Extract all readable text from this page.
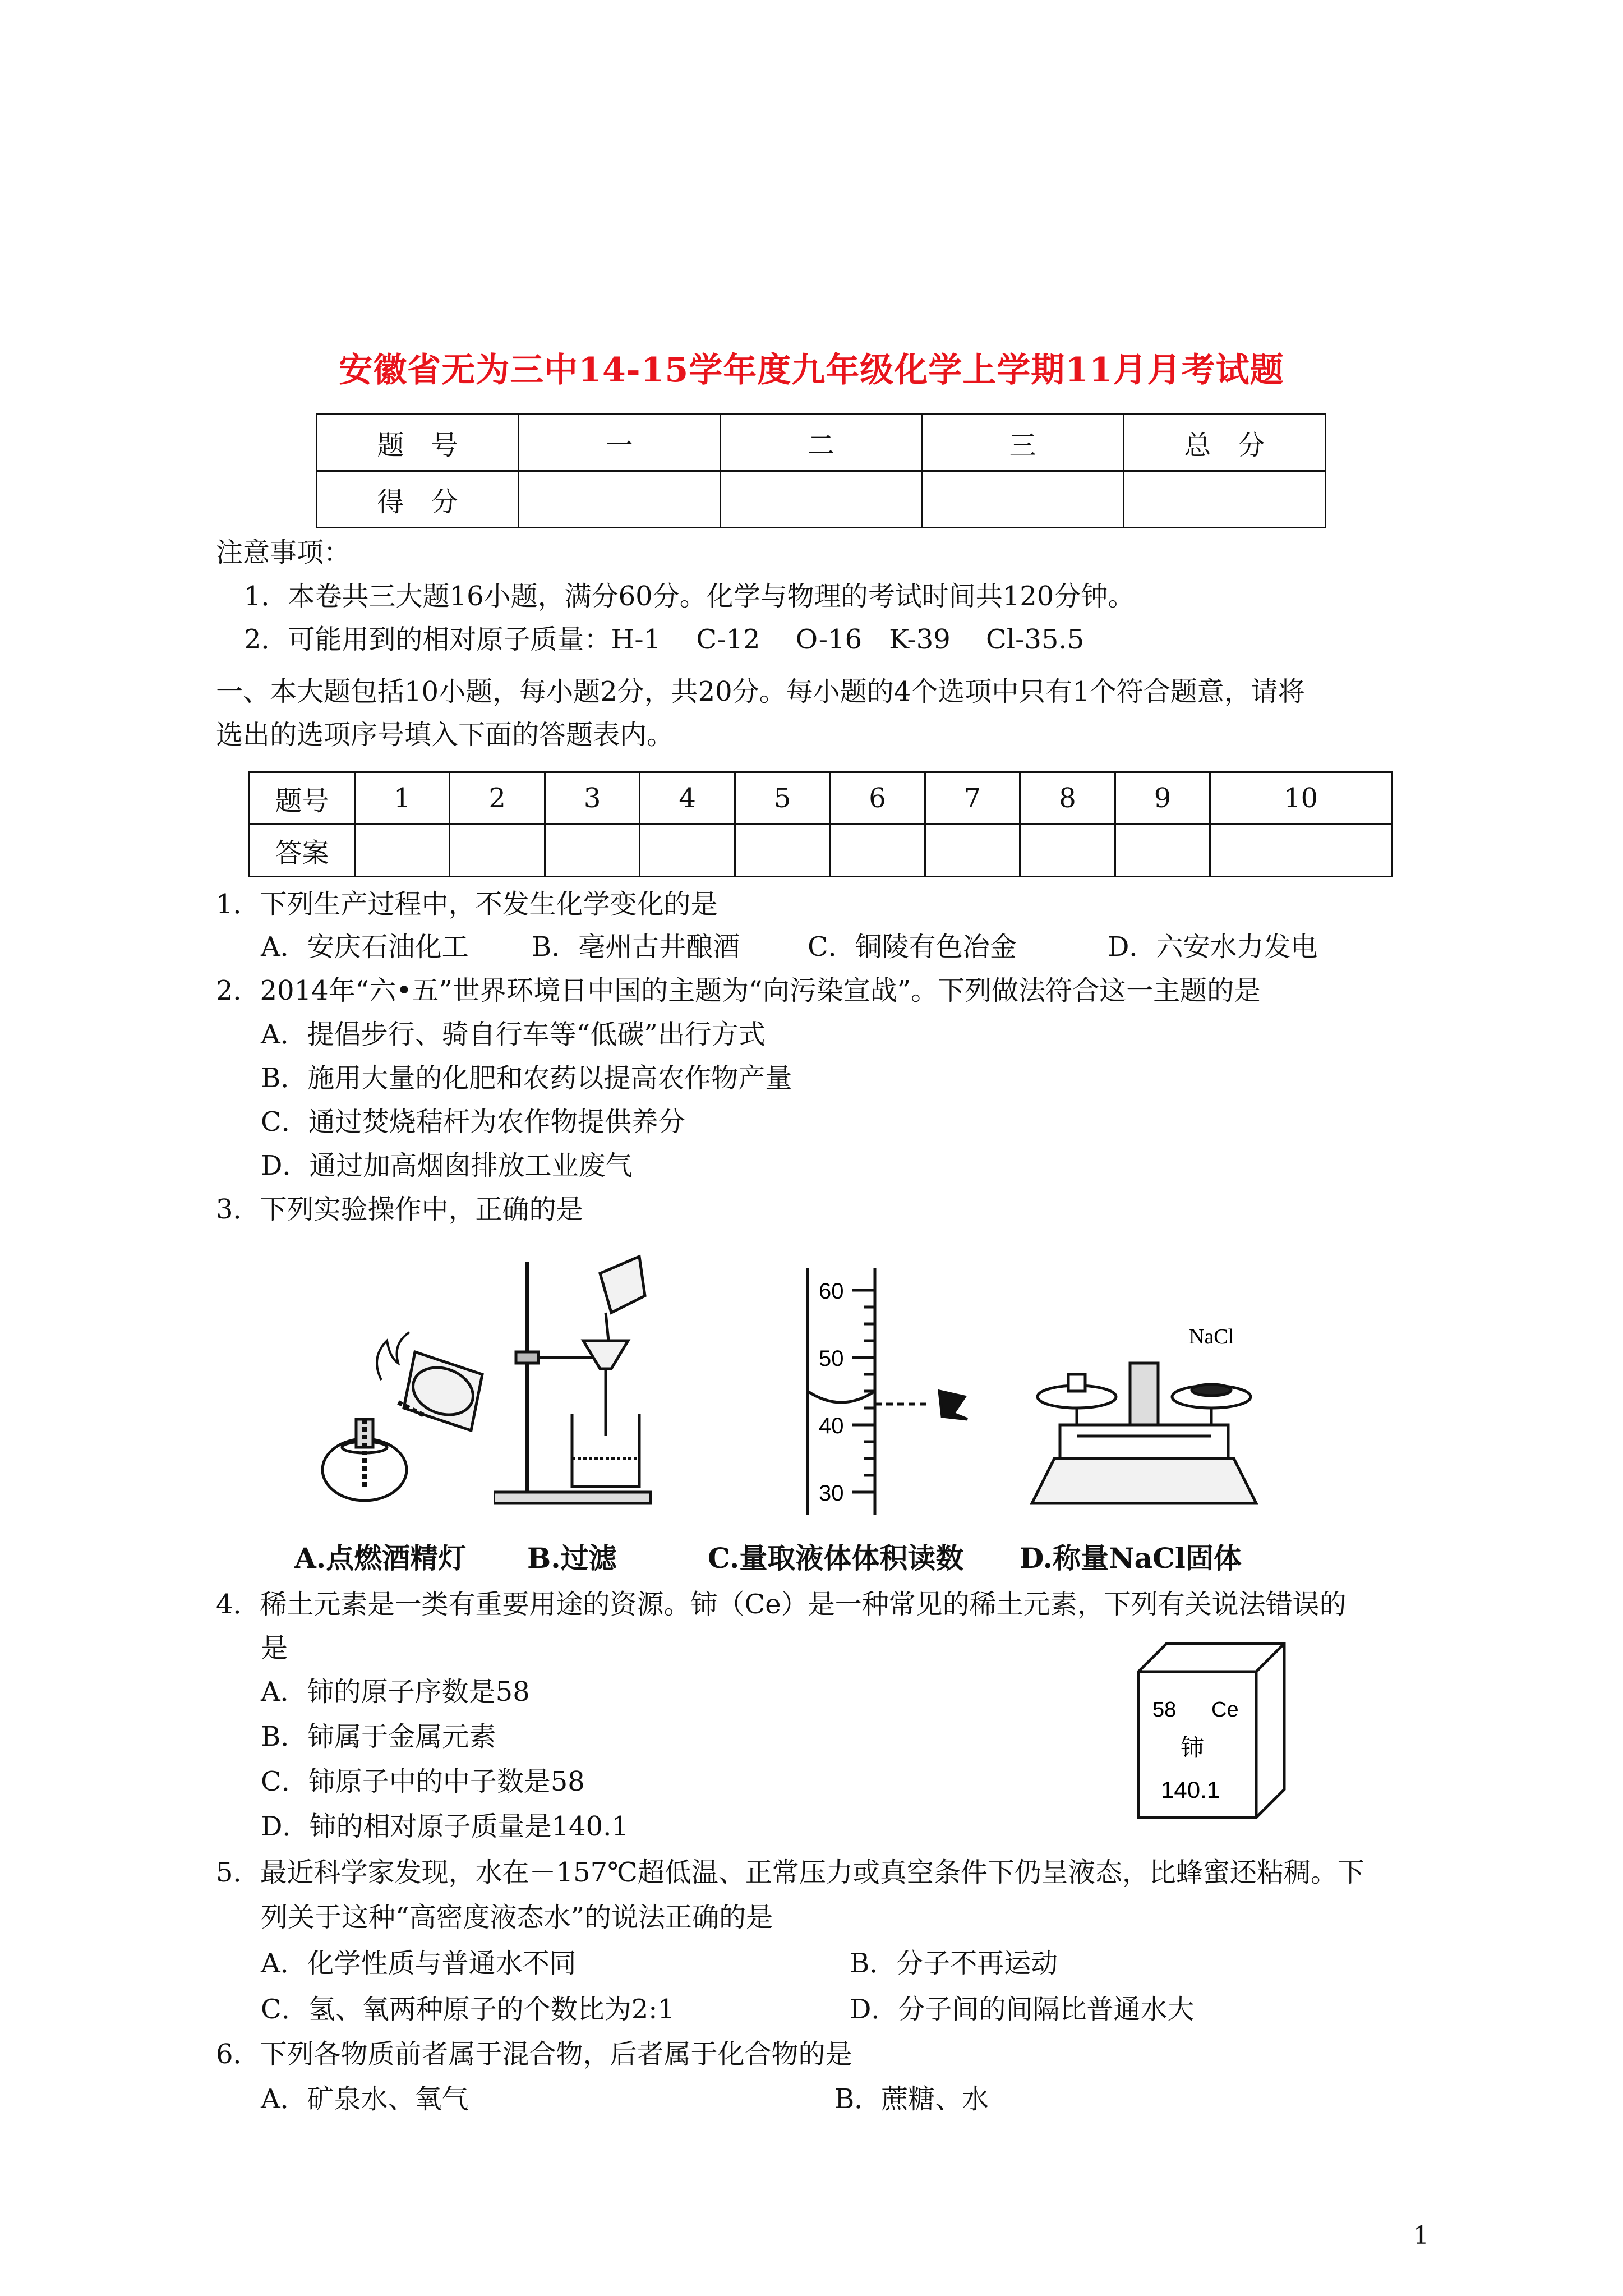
安徽省无为三中14-15学年度九年级化学上学期11月月考试题
题　号	一	二	三	总　分
得　分				
注意事项：
1．本卷共三大题16小题，满分60分。化学与物理的考试时间共120分钟。
2．可能用到的相对原子质量：H-1　 C-12　 O-16　K-39　 Cl-35.5
一、本大题包括10小题，每小题2分，共20分。每小题的4个选项中只有1个符合题意，请将
选出的选项序号填入下面的答题表内。
题号	1	2	3	4	5	6	7	8	9	10
答案										
1．下列生产过程中，不发生化学变化的是
A．安庆石油化工 B．亳州古井酿酒	C．铜陵有色冶金	D．六安水力发电
2．2014年“六•五”世界环境日中国的主题为“向污染宣战”。下列做法符合这一主题的是
A．提倡步行、骑自行车等“低碳”出行方式
B．施用大量的化肥和农药以提高农作物产量
C．通过焚烧秸杆为农作物提供养分
D．通过加高烟囱排放工业废气
3．下列实验操作中，正确的是
60
50
40
30
NaCl
A.点燃酒精灯 B.过滤	C.量取液体体积读数 D.称量NaCl固体
4．稀土元素是一类有重要用途的资源。铈（Ce）是一种常见的稀土元素，下列有关说法错误的
是
A．铈的原子序数是58
B．铈属于金属元素
C．铈原子中的中子数是58
D．铈的相对原子质量是140.1
58 Ce
铈
140.1
5．最近科学家发现，水在－157℃超低温、正常压力或真空条件下仍呈液态，比蜂蜜还粘稠。下
列关于这种“高密度液态水”的说法正确的是
A．化学性质与普通水不同	B．分子不再运动
C．氢、氧两种原子的个数比为2:1	D．分子间的间隔比普通水大
6．下列各物质前者属于混合物，后者属于化合物的是
A．矿泉水、氧气	B．蔗糖、水
1
